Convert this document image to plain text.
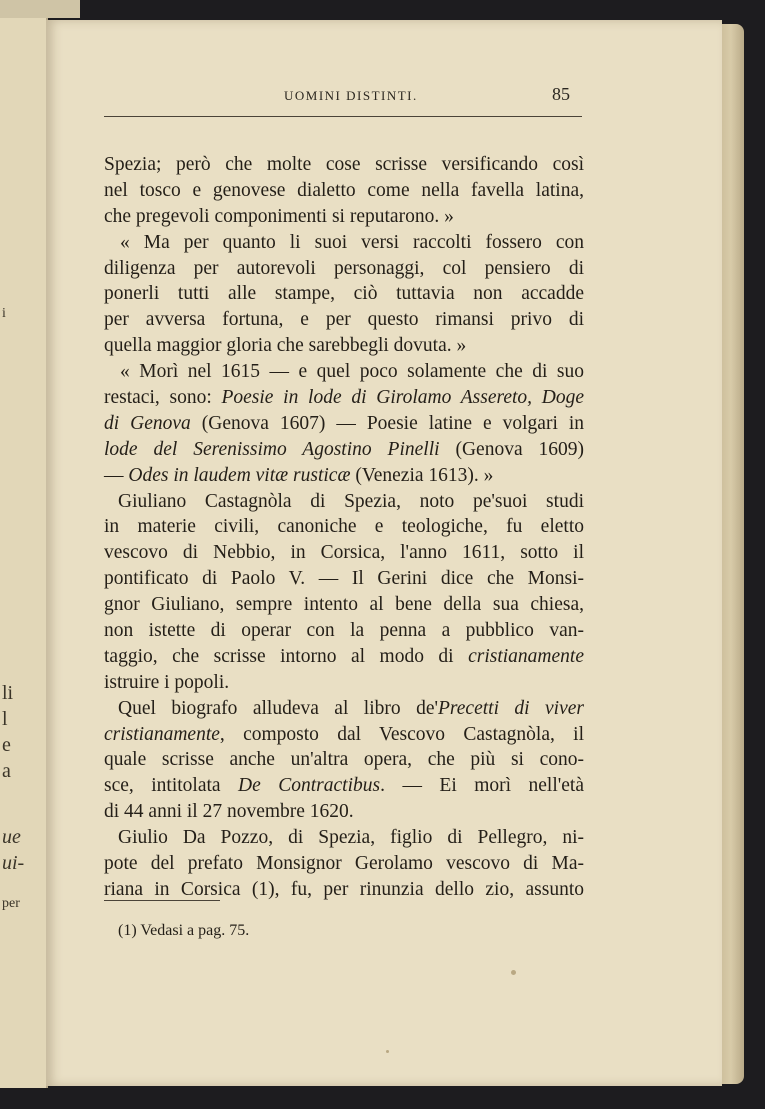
li
l
e
a
ue
ui-
per
i
UOMINI DISTINTI.	85
Spezia; però che molte cose scrisse versificando così
nel tosco e genovese dialetto come nella favella latina,
che pregevoli componimenti si reputarono. »
« Ma per quanto li suoi versi raccolti fossero con
diligenza per autorevoli personaggi, col pensiero di
ponerli tutti alle stampe, ciò tuttavia non accadde
per avversa fortuna, e per questo rimansi privo di
quella maggior gloria che sarebbegli dovuta. »
« Morì nel 1615 — e quel poco solamente che di suo
restaci, sono: Poesie in lode di Girolamo Assereto, Doge
di Genova (Genova 1607) — Poesie latine e volgari in
lode del Serenissimo Agostino Pinelli (Genova 1609)
— Odes in laudem vitæ rusticæ (Venezia 1613). »
Giuliano Castagnòla di Spezia, noto pe'suoi studi
in materie civili, canoniche e teologiche, fu eletto
vescovo di Nebbio, in Corsica, l'anno 1611, sotto il
pontificato di Paolo V. — Il Gerini dice che Monsi-
gnor Giuliano, sempre intento al bene della sua chiesa,
non istette di operar con la penna a pubblico van-
taggio, che scrisse intorno al modo di cristianamente
istruire i popoli.
Quel biografo alludeva al libro de'Precetti di viver
cristianamente, composto dal Vescovo Castagnòla, il
quale scrisse anche un'altra opera, che più si cono-
sce, intitolata De Contractibus. — Ei morì nell'età
di 44 anni il 27 novembre 1620.
Giulio Da Pozzo, di Spezia, figlio di Pellegro, ni-
pote del prefato Monsignor Gerolamo vescovo di Ma-
riana in Corsica (1), fu, per rinunzia dello zio, assunto
(1) Vedasi a pag. 75.
